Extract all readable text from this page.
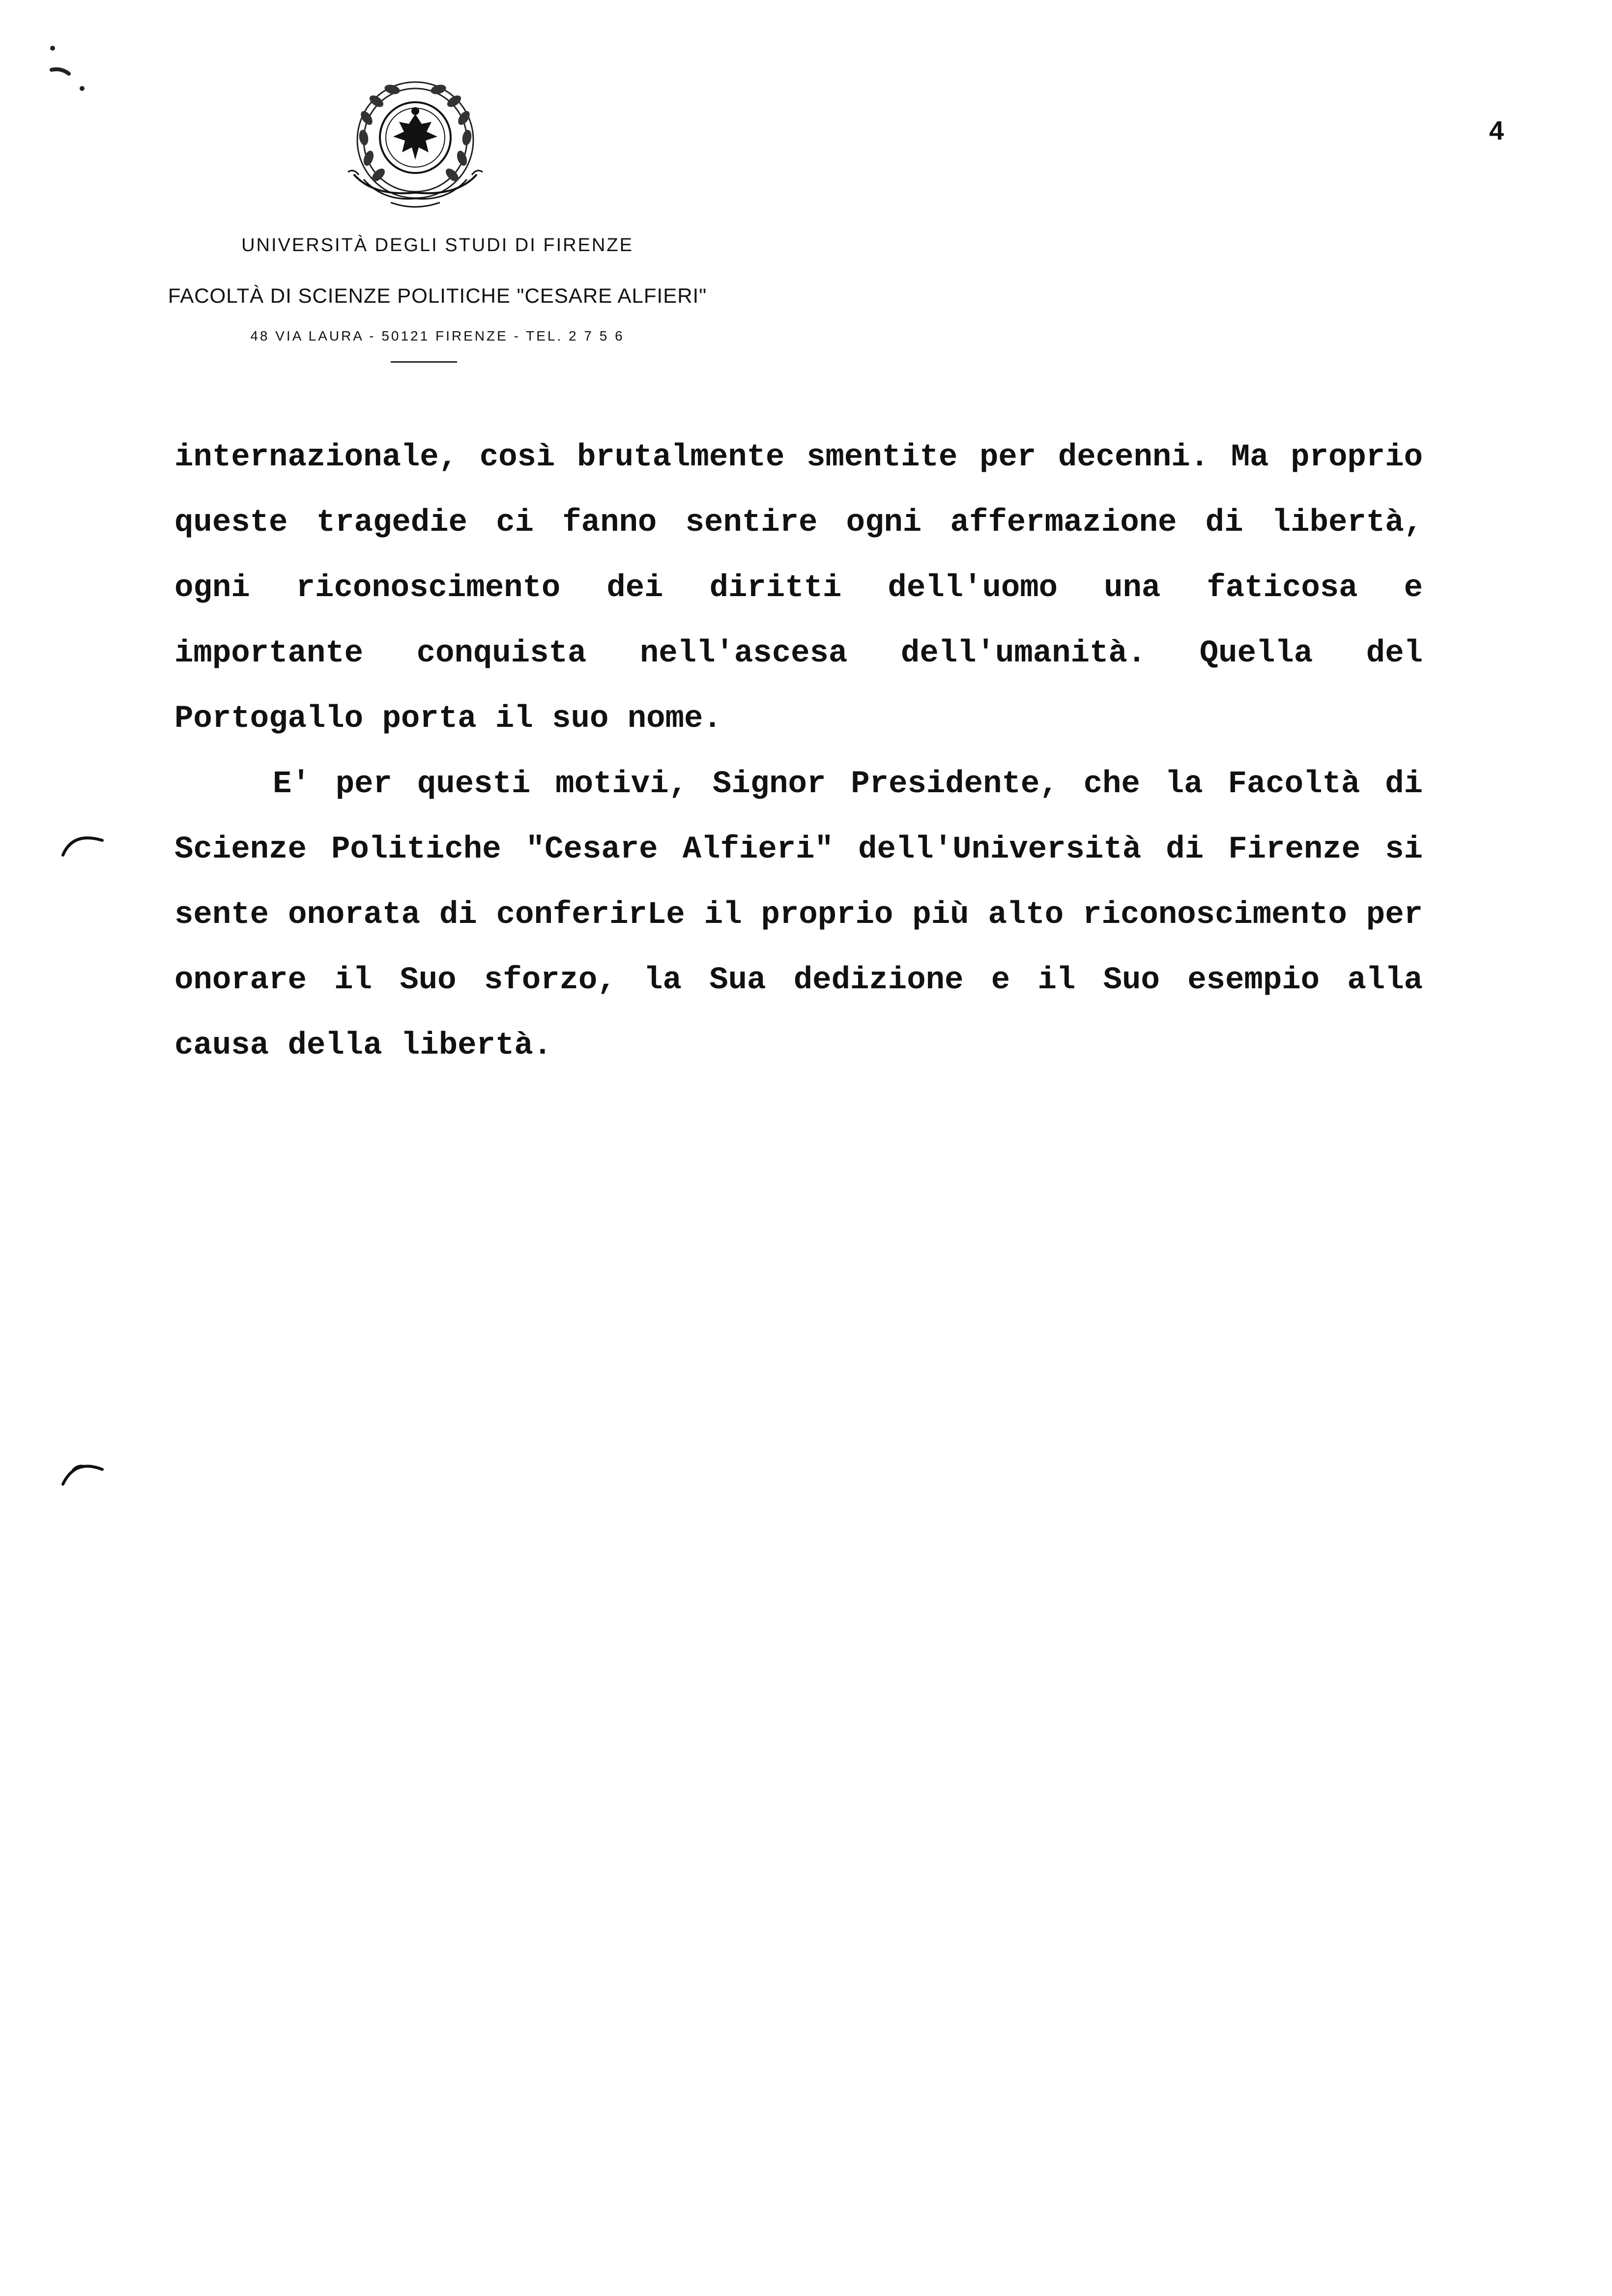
UNIVERSITÀ DEGLI STUDI DI FIRENZE
FACOLTÀ DI SCIENZE POLITICHE "CESARE ALFIERI"
48 VIA LAURA - 50121 FIRENZE - TEL. 2 7 5 6
4

internazionale, così brutalmente smentite per decenni. Ma proprio queste tragedie ci fanno sentire ogni affermazione di libertà, ogni riconoscimento dei diritti dell'uomo una faticosa e importante conquista nell'ascesa dell'umanità. Quella del Portogallo porta il suo nome.

E' per questi motivi, Signor Presidente, che la Facoltà di Scienze Politiche "Cesare Alfieri" dell'Università di Firenze si sente onorata di conferirLe il proprio più alto riconoscimento per onorare il Suo sforzo, la Sua dedizione e il Suo esempio alla causa della libertà.
